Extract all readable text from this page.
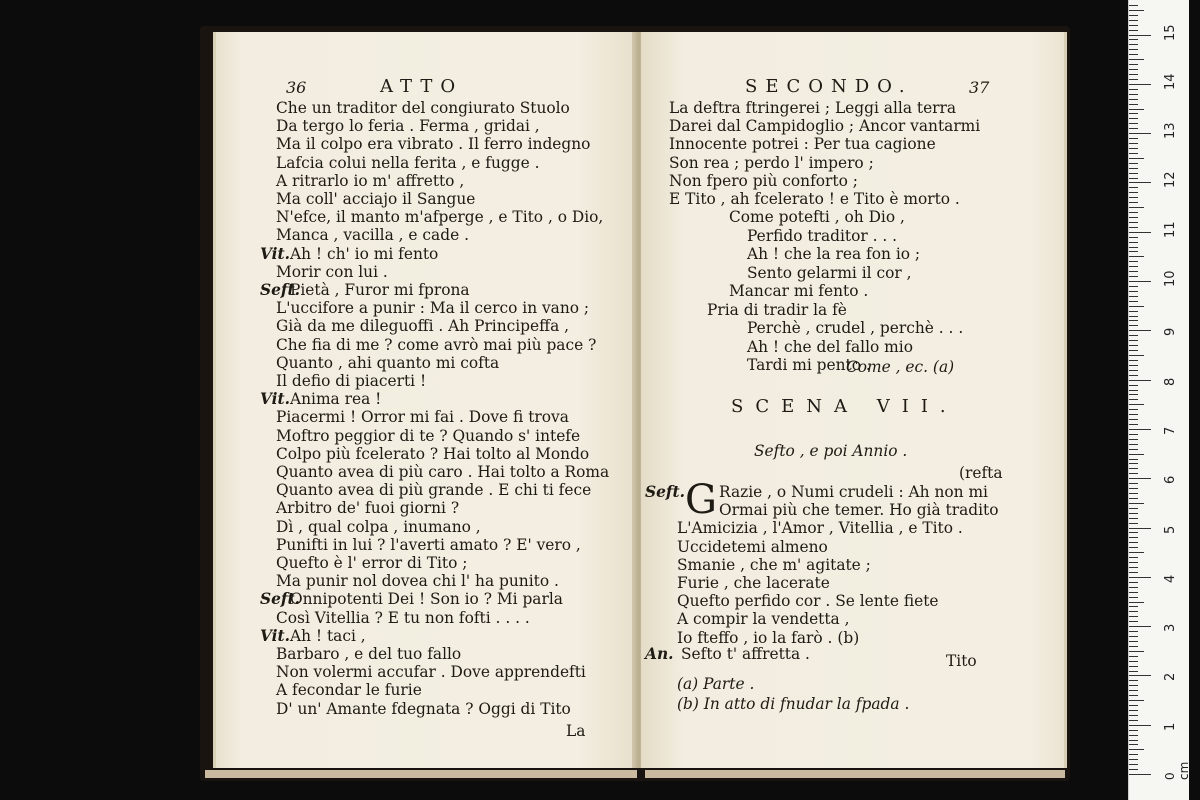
36	ATTO
Che un traditor del congiurato Stuolo
Da tergo lo feria . Ferma , gridai ,
Ma il colpo era vibrato . Il ferro indegno
Lafcia colui nella ferita , e fugge .
A ritrarlo io m' affretto ,
Ma coll' acciajo il Sangue
N'efce, il manto m'afperge , e Tito , o Dio,
Manca , vacilla , e cade .
Vit. Ah ! ch' io mi fento
Morir con lui .
Seft.
Pietà , Furor mi fprona
L'uccifore a punir : Ma il cerco in vano ;
Già da me dileguoffi . Ah Principeffa ,
Che fia di me ? come avrò mai più pace ?
Quanto , ahi quanto mi cofta
Il defio di piacerti !
Vit. Anima rea !
Piacermi ! Orror mi fai . Dove fi trova
Moftro peggior di te ? Quando s' intefe
Colpo più fcelerato ? Hai tolto al Mondo
Quanto avea di più caro . Hai tolto a Roma
Quanto avea di più grande . E chi ti fece
Arbitro de' fuoi giorni ?
Dì , qual colpa , inumano ,
Punifti in lui ? l'averti amato ? E' vero ,
Quefto è l' error di Tito ;
Ma punir nol dovea chi l' ha punito .
Seft.
Onnipotenti Dei ! Son io ? Mi parla
Così Vitellia ? E tu non fofti . . . .
Vit. Ah ! taci ,
Barbaro , e del tuo fallo
Non volermi accufar . Dove apprendefti
A fecondar le furie
D' un' Amante fdegnata ? Oggi di Tito
La
SECONDO.	37
La deftra ftringerei ; Leggi alla terra
Darei dal Campidoglio ; Ancor vantarmi
Innocente potrei : Per tua cagione
Son rea ; perdo l' impero ;
Non fpero più conforto ;
E Tito , ah fcelerato ! e Tito è morto .
Come potefti , oh Dio ,
Perfido traditor . . .
Ah ! che la rea fon io ;
Sento gelarmi il cor ,
Mancar mi fento .
Pria di tradir la fè
Perchè , crudel , perchè . . .
Ah ! che del fallo mio
Tardi mi pento .
Come , ec. (a)
SCENA VII.
Sefto , e poi Annio .
(refta
Seft. G Razie , o Numi crudeli : Ah non mi
Ormai più che temer. Ho già tradito
L'Amicizia , l'Amor , Vitellia , e Tito .
Uccidetemi almeno
Smanie , che m' agitate ;
Furie , che lacerate
Quefto perfido cor . Se lente fiete
A compir la vendetta ,
Io fteffo , io la farò . (b)
An. Sefto t' affretta .	Tito
(a) Parte .
(b) In atto di fnudar la fpada .
1
2
3
4
5
6
7
8
9
10
11
12
13
14
15
0 cm
